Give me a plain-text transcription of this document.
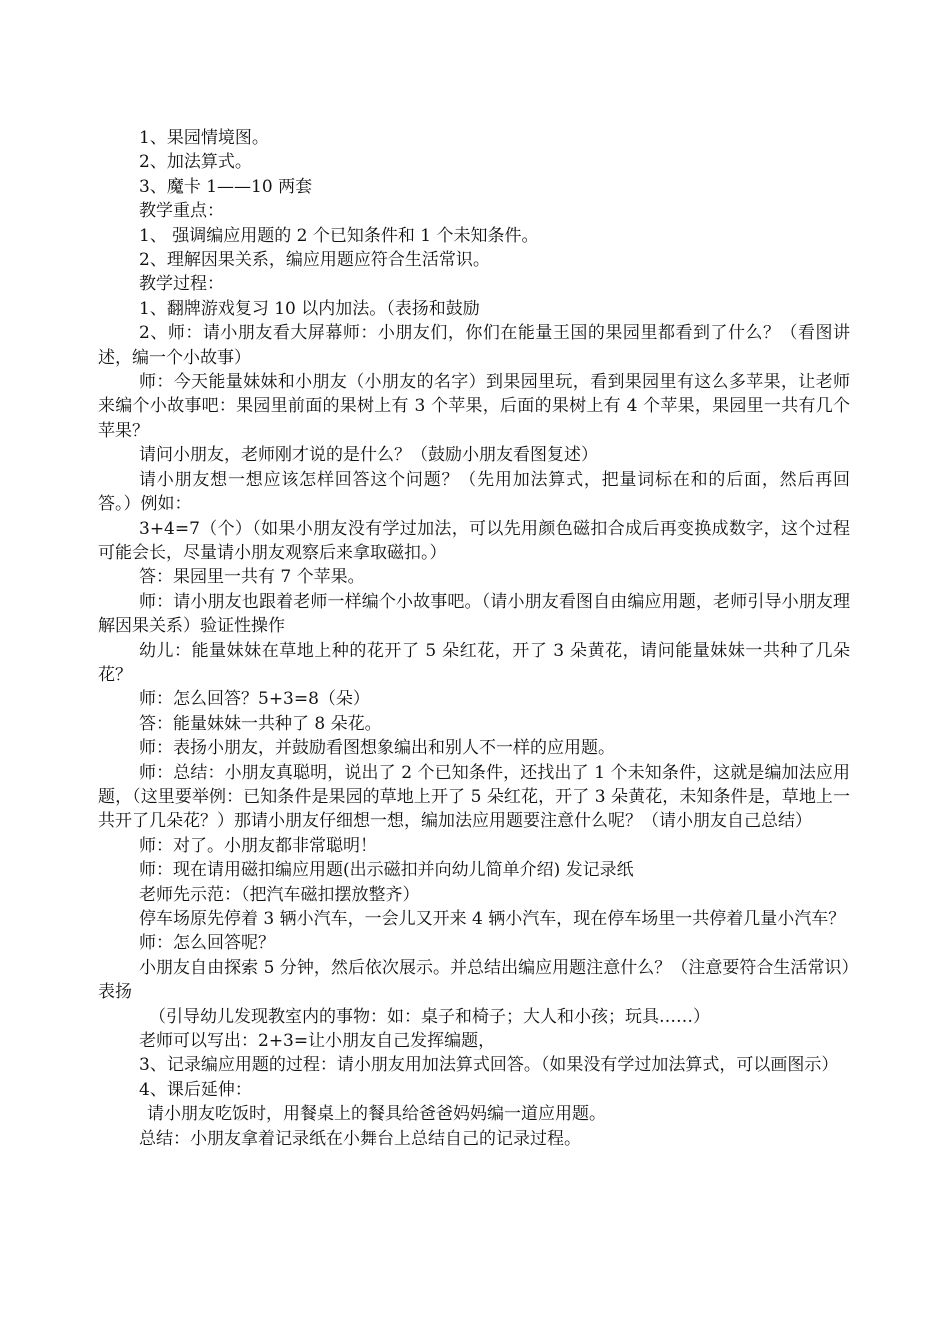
1、果园情境图。

2、加法算式。

3、魔卡 1——10 两套

教学重点：

1、 强调编应用题的 2 个已知条件和 1 个未知条件。

2、理解因果关系，编应用题应符合生活常识。

教学过程：

1、翻牌游戏复习 10 以内加法。（表扬和鼓励

2、师：请小朋友看大屏幕师：小朋友们，你们在能量王国的果园里都看到了什么？（看图讲述，编一个小故事）

师：今天能量妹妹和小朋友（小朋友的名字）到果园里玩，看到果园里有这么多苹果，让老师来编个小故事吧：果园里前面的果树上有 3 个苹果，后面的果树上有 4 个苹果，果园里一共有几个苹果？

请问小朋友，老师刚才说的是什么？（鼓励小朋友看图复述）

请小朋友想一想应该怎样回答这个问题？（先用加法算式，把量词标在和的后面，然后再回答。）例如：

3+4=7（个）（如果小朋友没有学过加法，可以先用颜色磁扣合成后再变换成数字，这个过程可能会长，尽量请小朋友观察后来拿取磁扣。）

答：果园里一共有 7 个苹果。

师：请小朋友也跟着老师一样编个小故事吧。（请小朋友看图自由编应用题，老师引导小朋友理解因果关系）验证性操作

幼儿：能量妹妹在草地上种的花开了 5 朵红花，开了 3 朵黄花，请问能量妹妹一共种了几朵花？

师：怎么回答？5+3=8（朵）

答：能量妹妹一共种了 8 朵花。

师：表扬小朋友，并鼓励看图想象编出和别人不一样的应用题。

师：总结：小朋友真聪明，说出了 2 个已知条件，还找出了 1 个未知条件，这就是编加法应用题，（这里要举例：已知条件是果园的草地上开了 5 朵红花，开了 3 朵黄花，未知条件是，草地上一共开了几朵花？）那请小朋友仔细想一想，编加法应用题要注意什么呢？（请小朋友自己总结）

师：对了。小朋友都非常聪明！

师：现在请用磁扣编应用题(出示磁扣并向幼儿简单介绍) 发记录纸

老师先示范：（把汽车磁扣摆放整齐）

停车场原先停着 3 辆小汽车，一会儿又开来 4 辆小汽车，现在停车场里一共停着几量小汽车？

师：怎么回答呢？

小朋友自由探索 5 分钟，然后依次展示。并总结出编应用题注意什么？（注意要符合生活常识）表扬

（引导幼儿发现教室内的事物：如：桌子和椅子；大人和小孩；玩具……）

老师可以写出：2+3=让小朋友自己发挥编题，

3、记录编应用题的过程：请小朋友用加法算式回答。（如果没有学过加法算式，可以画图示）

4、课后延伸：

请小朋友吃饭时，用餐桌上的餐具给爸爸妈妈编一道应用题。

总结：小朋友拿着记录纸在小舞台上总结自己的记录过程。
